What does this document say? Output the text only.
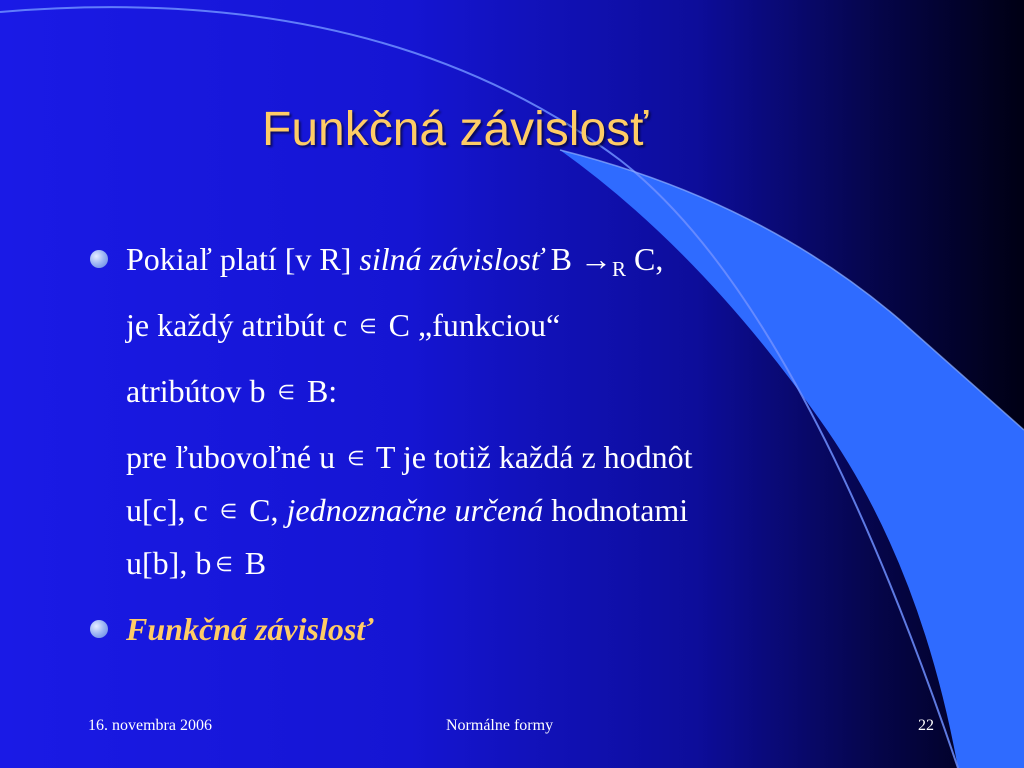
Funkčná závislosť
Pokiaľ platí [v R] silná závislosť $B \to_R$ C,
je každý atribút c ∈ C „funkciou“
atribútov b ∈ B:
pre ľubovoľné u ∈ T je totiž každá z hodnôt
u[c], c ∈ C, jednoznačne určená hodnotami
u[b], b ∈ B
Funkčná závislosť
16. novembra 2006	Normálne formy	22
